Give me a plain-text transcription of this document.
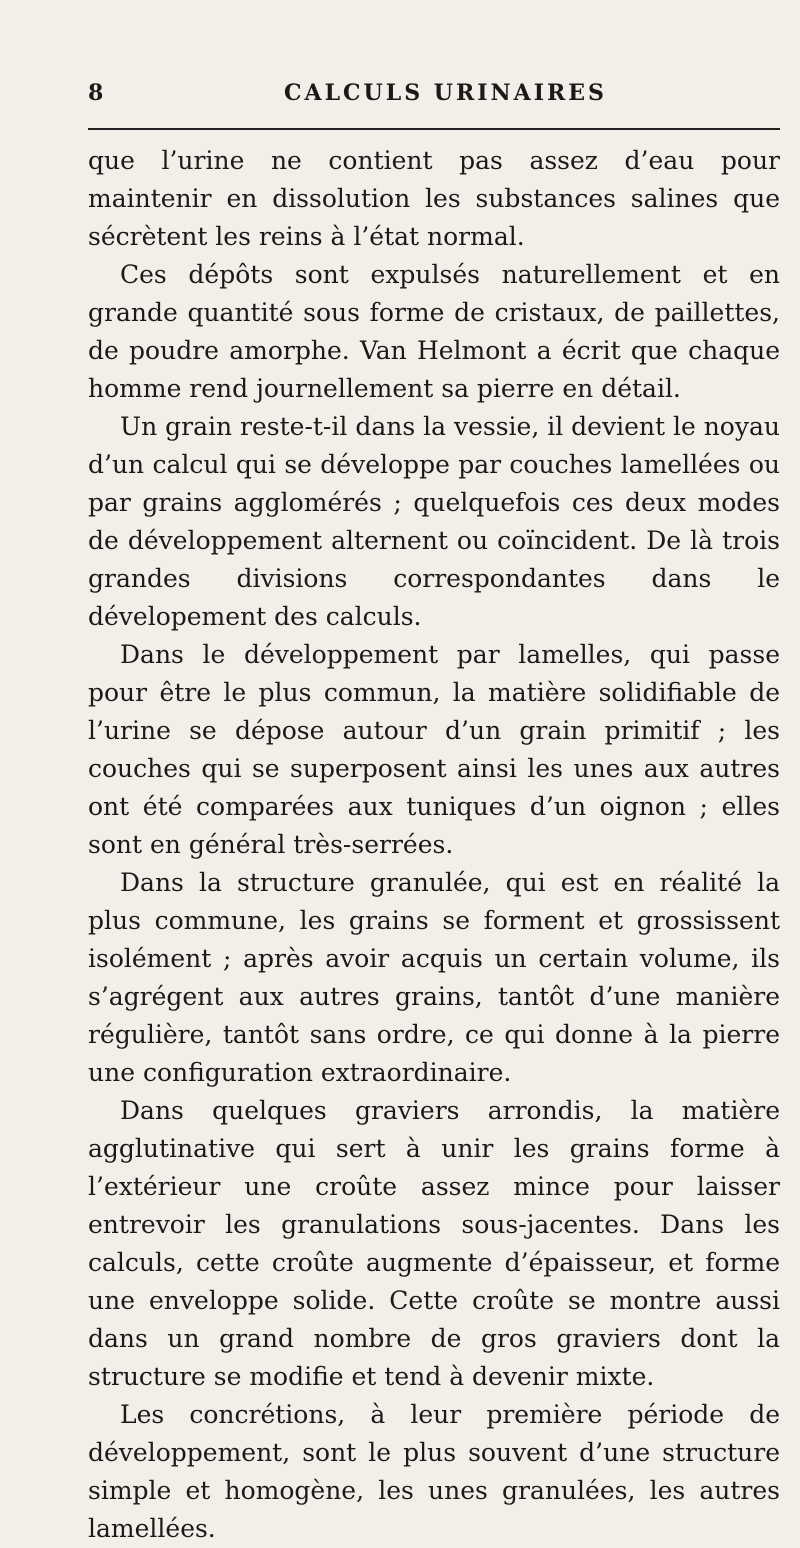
8	CALCULS URINAIRES

que l’urine ne contient pas assez d’eau pour maintenir en dissolution les substances salines que sécrètent les reins à l’état normal.

Ces dépôts sont expulsés naturellement et en grande quantité sous forme de cristaux, de paillettes, de poudre amorphe. Van Helmont a écrit que chaque homme rend journellement sa pierre en détail.

Un grain reste-t-il dans la vessie, il devient le noyau d’un calcul qui se développe par couches lamellées ou par grains agglomérés ; quelquefois ces deux modes de développement alternent ou coïncident. De là trois grandes divisions correspondantes dans le dévelopement des calculs.

Dans le développement par lamelles, qui passe pour être le plus commun, la matière solidifiable de l’urine se dépose autour d’un grain primitif ; les couches qui se superposent ainsi les unes aux autres ont été comparées aux tuniques d’un oignon ; elles sont en général très-serrées.

Dans la structure granulée, qui est en réalité la plus commune, les grains se forment et grossissent isolément ; après avoir acquis un certain volume, ils s’agrégent aux autres grains, tantôt d’une manière régulière, tantôt sans ordre, ce qui donne à la pierre une configuration extraordinaire.

Dans quelques graviers arrondis, la matière agglutinative qui sert à unir les grains forme à l’extérieur une croûte assez mince pour laisser entrevoir les granulations sous-jacentes. Dans les calculs, cette croûte augmente d’épaisseur, et forme une enveloppe solide. Cette croûte se montre aussi dans un grand nombre de gros graviers dont la structure se modifie et tend à devenir mixte.

Les concrétions, à leur première période de développement, sont le plus souvent d’une structure simple et homogène, les unes granulées, les autres lamellées.
